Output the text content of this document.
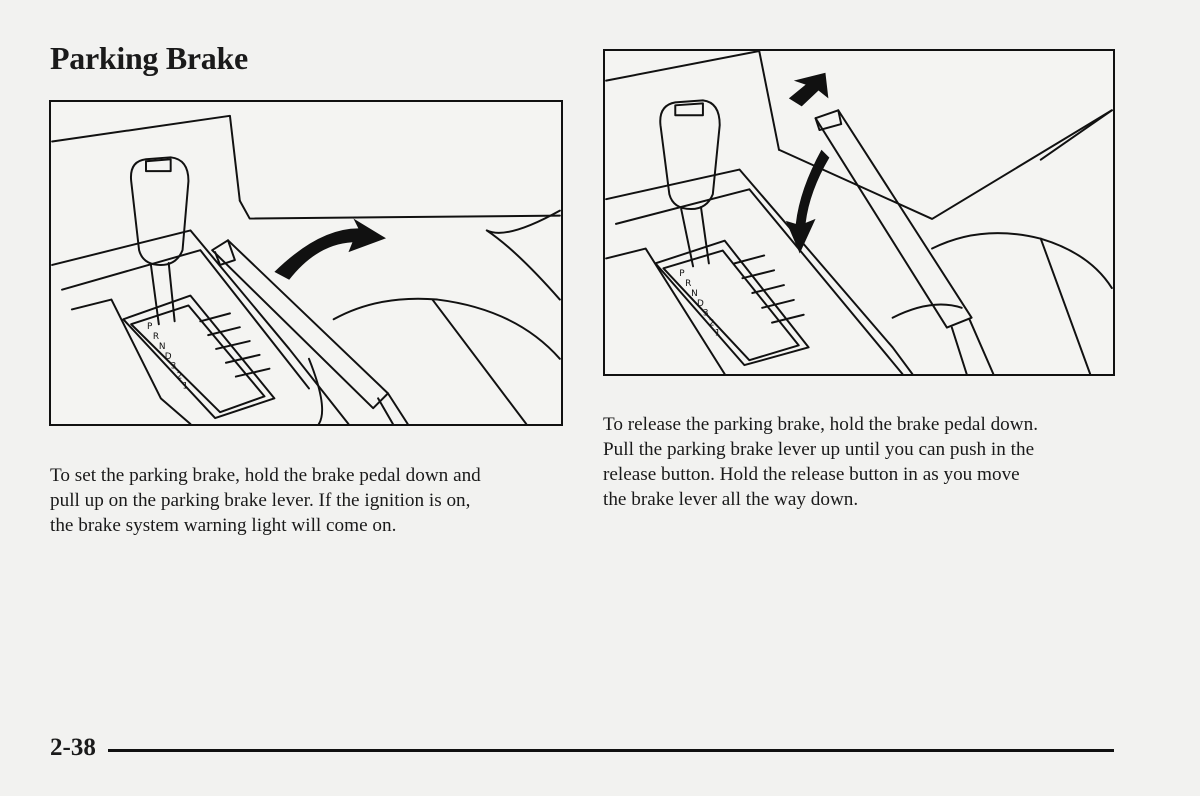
Parking Brake
P
R
N
D
3
2
1
P
R
N
D
3
2
1

To release the parking brake, hold the brake pedal down.
Pull the parking brake lever up until you can push in the
release button. Hold the release button in as you move
the brake lever all the way down.

To set the parking brake, hold the brake pedal down and
pull up on the parking brake lever. If the ignition is on,
the brake system warning light will come on.

2-38
